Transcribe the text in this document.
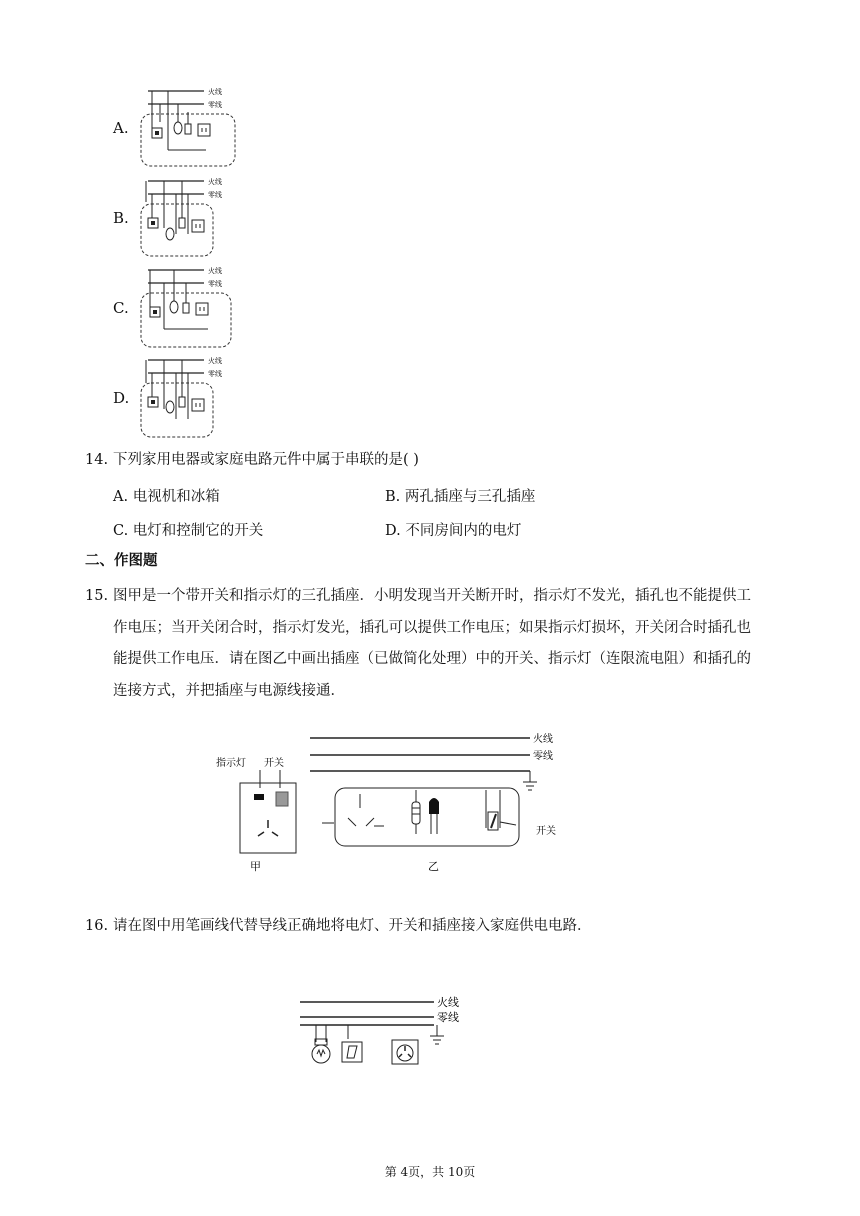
A.
B.
C.
D.
火线
零线
火线
零线
火线
零线
火线
零线
14. 下列家用电器或家庭电路元件中属于串联的是( )
A. 电视机和冰箱	B. 两孔插座与三孔插座
C. 电灯和控制它的开关	D. 不同房间内的电灯
二、作图题
15. 图甲是一个带开关和指示灯的三孔插座．小明发现当开关断开时，指示灯不发光，插孔也不能提供工
作电压；当开关闭合时，指示灯发光，插孔可以提供工作电压；如果指示灯损坏，开关闭合时插孔也
能提供工作电压．请在图乙中画出插座（已做简化处理）中的开关、指示灯（连限流电阻）和插孔的
连接方式，并把插座与电源线接通．
火线
零线
指示灯 开关
甲
开关
乙
16. 请在图中用笔画线代替导线正确地将电灯、开关和插座接入家庭供电电路．
火线
零线
第 4页，共 10页
